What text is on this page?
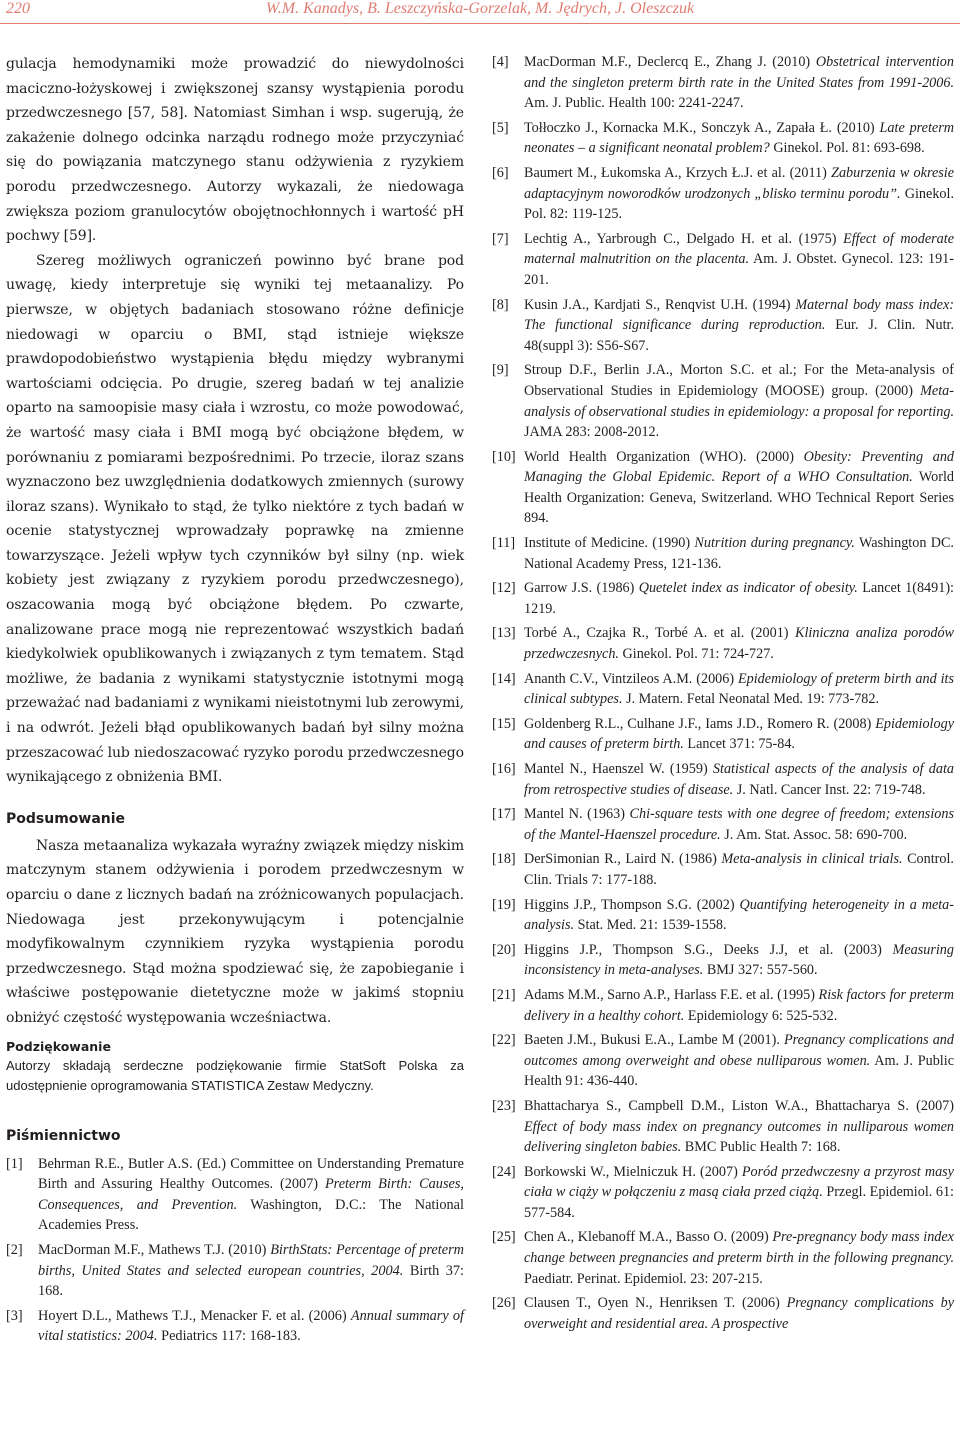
220	W.M. Kanadys, B. Leszczyńska-Gorzelak, M. Jędrych, J. Oleszczuk

gulacja hemodynamiki może prowadzić do niewydolności maciczno-łożyskowej i zwiększonej szansy wystąpienia porodu przedwczesnego [57, 58]. Natomiast Simhan i wsp. sugerują, że zakażenie dolnego odcinka narządu rodnego może przyczyniać się do powiązania matczynego stanu odżywienia z ryzykiem porodu przedwczesnego. Autorzy wykazali, że niedowaga zwiększa poziom granulocytów obojętnochłonnych i wartość pH pochwy [59].

Szereg możliwych ograniczeń powinno być brane pod uwagę, kiedy interpretuje się wyniki tej metaanalizy. Po pierwsze, w objętych badaniach stosowano różne definicje niedowagi w oparciu o BMI, stąd istnieje większe prawdopodobieństwo wystąpienia błędu między wybranymi wartościami odcięcia. Po drugie, szereg badań w tej analizie oparto na samoopisie masy ciała i wzrostu, co może powodować, że wartość masy ciała i BMI mogą być obciążone błędem, w porównaniu z pomiarami bezpośrednimi. Po trzecie, iloraz szans wyznaczono bez uwzględnienia dodatkowych zmiennych (surowy iloraz szans). Wynikało to stąd, że tylko niektóre z tych badań w ocenie statystycznej wprowadzały poprawkę na zmienne towarzyszące. Jeżeli wpływ tych czynników był silny (np. wiek kobiety jest związany z ryzykiem porodu przedwczesnego), oszacowania mogą być obciążone błędem. Po czwarte, analizowane prace mogą nie reprezentować wszystkich badań kiedykolwiek opublikowanych i związanych z tym tematem. Stąd możliwe, że badania z wynikami statystycznie istotnymi mogą przeważać nad badaniami z wynikami nieistotnymi lub zerowymi, i na odwrót. Jeżeli błąd opublikowanych badań był silny można przeszacować lub niedoszacować ryzyko porodu przedwczesnego wynikającego z obniżenia BMI.

Podsumowanie

Nasza metaanaliza wykazała wyraźny związek między niskim matczynym stanem odżywienia i porodem przedwczesnym w oparciu o dane z licznych badań na zróżnicowanych populacjach. Niedowaga jest przekonywującym i potencjalnie modyfikowalnym czynnikiem ryzyka wystąpienia porodu przedwczesnego. Stąd można spodziewać się, że zapobieganie i właściwe postępowanie dietetyczne może w jakimś stopniu obniżyć częstość występowania wcześniactwa.

Podziękowanie

Autorzy składają serdeczne podziękowanie firmie StatSoft Polska za udostępnienie oprogramowania STATISTICA Zestaw Medyczny.

Piśmiennictwo
[1] Behrman R.E., Butler A.S. (Ed.) Committee on Understanding Premature Birth and Assuring Healthy Outcomes. (2007) Preterm Birth: Causes, Consequences, and Prevention. Washington, D.C.: The National Academies Press.
[2] MacDorman M.F., Mathews T.J. (2010) BirthStats: Percentage of preterm births, United States and selected european countries, 2004. Birth 37: 168.
[3] Hoyert D.L., Mathews T.J., Menacker F. et al. (2006) Annual summary of vital statistics: 2004. Pediatrics 117: 168-183.
[4] MacDorman M.F., Declercq E., Zhang J. (2010) Obstetrical intervention and the singleton preterm birth rate in the United States from 1991-2006. Am. J. Public. Health 100: 2241-2247.
[5] Tołłoczko J., Kornacka M.K., Sonczyk A., Zapała Ł. (2010) Late preterm neonates – a significant neonatal problem? Ginekol. Pol. 81: 693-698.
[6] Baumert M., Łukomska A., Krzych Ł.J. et al. (2011) Zaburzenia w okresie adaptacyjnym noworodków urodzonych „blisko terminu porodu”. Ginekol. Pol. 82: 119-125.
[7] Lechtig A., Yarbrough C., Delgado H. et al. (1975) Effect of moderate maternal malnutrition on the placenta. Am. J. Obstet. Gynecol. 123: 191-201.
[8] Kusin J.A., Kardjati S., Renqvist U.H. (1994) Maternal body mass index: The functional significance during reproduction. Eur. J. Clin. Nutr. 48(suppl 3): S56-S67.
[9] Stroup D.F., Berlin J.A., Morton S.C. et al.; For the Meta-analysis of Observational Studies in Epidemiology (MOOSE) group. (2000) Meta-analysis of observational studies in epidemiology: a proposal for reporting. JAMA 283: 2008-2012.
[10] World Health Organization (WHO). (2000) Obesity: Preventing and Managing the Global Epidemic. Report of a WHO Consultation. World Health Organization: Geneva, Switzerland. WHO Technical Report Series 894.
[11] Institute of Medicine. (1990) Nutrition during pregnancy. Washington DC. National Academy Press, 121-136.
[12] Garrow J.S. (1986) Quetelet index as indicator of obesity. Lancet 1(8491): 1219.
[13] Torbé A., Czajka R., Torbé A. et al. (2001) Kliniczna analiza porodów przedwczesnych. Ginekol. Pol. 71: 724-727.
[14] Ananth C.V., Vintzileos A.M. (2006) Epidemiology of preterm birth and its clinical subtypes. J. Matern. Fetal Neonatal Med. 19: 773-782.
[15] Goldenberg R.L., Culhane J.F., Iams J.D., Romero R. (2008) Epidemiology and causes of preterm birth. Lancet 371: 75-84.
[16] Mantel N., Haenszel W. (1959) Statistical aspects of the analysis of data from retrospective studies of disease. J. Natl. Cancer Inst. 22: 719-748.
[17] Mantel N. (1963) Chi-square tests with one degree of freedom; extensions of the Mantel-Haenszel procedure. J. Am. Stat. Assoc. 58: 690-700.
[18] DerSimonian R., Laird N. (1986) Meta-analysis in clinical trials. Control. Clin. Trials 7: 177-188.
[19] Higgins J.P., Thompson S.G. (2002) Quantifying heterogeneity in a meta-analysis. Stat. Med. 21: 1539-1558.
[20] Higgins J.P., Thompson S.G., Deeks J.J, et al. (2003) Measuring inconsistency in meta-analyses. BMJ 327: 557-560.
[21] Adams M.M., Sarno A.P., Harlass F.E. et al. (1995) Risk factors for preterm delivery in a healthy cohort. Epidemiology 6: 525-532.
[22] Baeten J.M., Bukusi E.A., Lambe M (2001). Pregnancy complications and outcomes among overweight and obese nulliparous women. Am. J. Public Health 91: 436-440.
[23] Bhattacharya S., Campbell D.M., Liston W.A., Bhattacharya S. (2007) Effect of body mass index on pregnancy outcomes in nulliparous women delivering singleton babies. BMC Public Health 7: 168.
[24] Borkowski W., Mielniczuk H. (2007) Poród przedwczesny a przyrost masy ciała w ciąży w połączeniu z masą ciała przed ciążą. Przegl. Epidemiol. 61: 577-584.
[25] Chen A., Klebanoff M.A., Basso O. (2009) Pre-pregnancy body mass index change between pregnancies and preterm birth in the following pregnancy. Paediatr. Perinat. Epidemiol. 23: 207-215.
[26] Clausen T., Oyen N., Henriksen T. (2006) Pregnancy complications by overweight and residential area. A prospective
